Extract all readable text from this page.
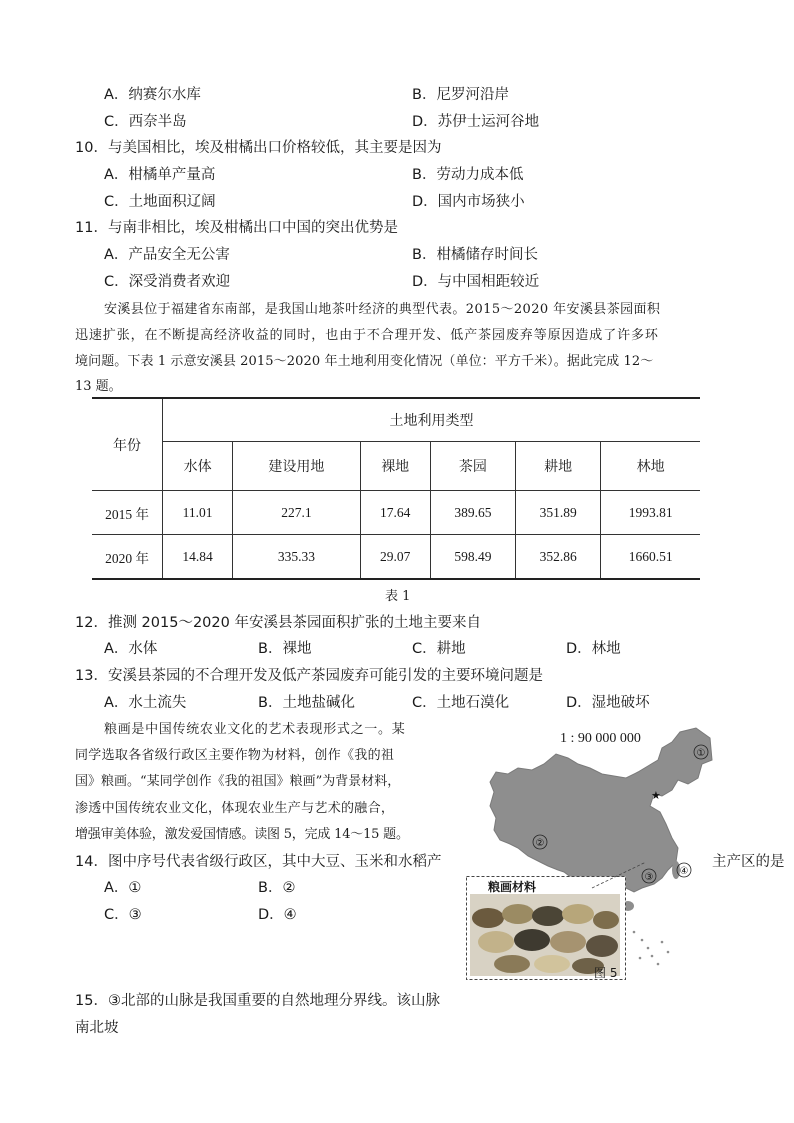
A．纳赛尔水库	B．尼罗河沿岸
C．西奈半岛	D．苏伊士运河谷地
10．与美国相比，埃及柑橘出口价格较低，其主要是因为
A．柑橘单产量高	B．劳动力成本低
C．土地面积辽阔	D．国内市场狭小
11．与南非相比，埃及柑橘出口中国的突出优势是
A．产品安全无公害	B．柑橘储存时间长
C．深受消费者欢迎	D．与中国相距较近
安溪县位于福建省东南部，是我国山地茶叶经济的典型代表。2015～2020 年安溪县茶园面积
迅速扩张，在不断提高经济收益的同时，也由于不合理开发、低产茶园废弃等原因造成了许多环
境问题。下表 1 示意安溪县 2015～2020 年土地利用变化情况（单位：平方千米）。据此完成 12～
13 题。
年份	土地利用类型					
	水体	建设用地	裸地	茶园	耕地	林地
2015 年	11.01	227.1	17.64	389.65	351.89	1993.81
2020 年	14.84	335.33	29.07	598.49	352.86	1660.51
表 1
12．推测 2015～2020 年安溪县茶园面积扩张的土地主要来自
A．水体	B．裸地	C．耕地	D．林地
13．安溪县茶园的不合理开发及低产茶园废弃可能引发的主要环境问题是
A．水土流失	B．土地盐碱化	C．土地石漠化	D．湿地破坏
粮画是中国传统农业文化的艺术表现形式之一。某
同学选取各省级行政区主要作物为材料，创作《我的祖
国》粮画。“某同学创作《我的祖国》粮画”为背景材料，
渗透中国传统农业文化，体现农业生产与艺术的融合，
增强审美体验，激发爱国情感。读图 5，完成 14～15 题。
14．图中序号代表省级行政区，其中大豆、玉米和水稻产	主产区的是
A．①	B．②
C．③	D．④
1 : 90 000 000
★
①
②
③
④
粮画材料
图 5
15．③北部的山脉是我国重要的自然地理分界线。该山脉
南北坡
